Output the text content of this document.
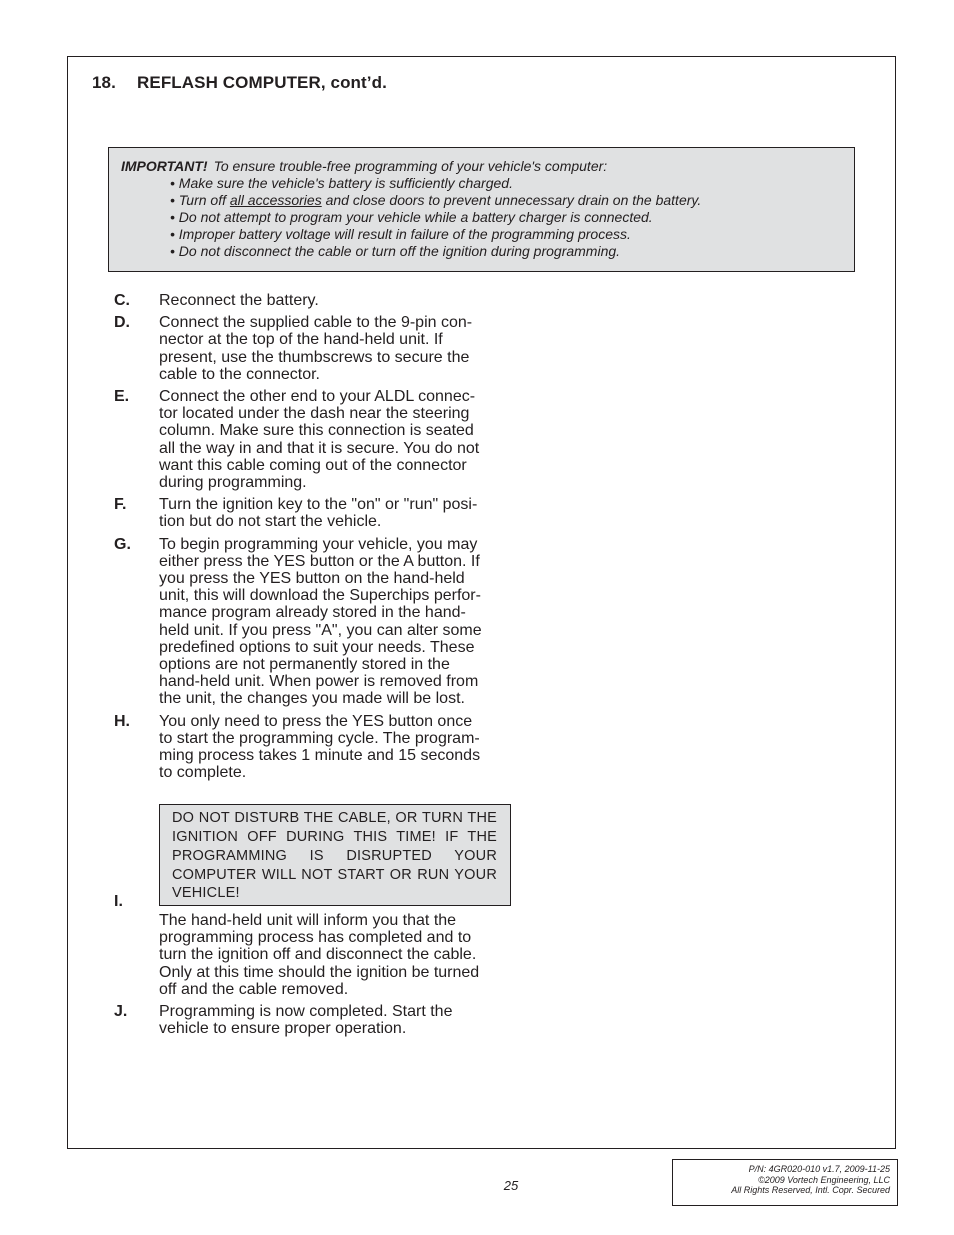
18. REFLASH COMPUTER, cont’d.
IMPORTANT! To ensure trouble-free programming of your vehicle's computer:
• Make sure the vehicle's battery is sufficiently charged.
• Turn off all accessories and close doors to prevent unnecessary drain on the battery.
• Do not attempt to program your vehicle while a battery charger is connected.
• Improper battery voltage will result in failure of the programming process.
• Do not disconnect the cable or turn off the ignition during programming.
C.	Reconnect the battery.
D.	Connect the supplied cable to the 9-pin con-
nector at the top of the hand-held unit. If
present, use the thumbscrews to secure the
cable to the connector.
E.	Connect the other end to your ALDL connec-
tor located under the dash near the steering
column. Make sure this connection is seated
all the way in and that it is secure. You do not
want this cable coming out of the connector
during programming.
F.	Turn the ignition key to the "on" or "run" posi-
tion but do not start the vehicle.
G.	To begin programming your vehicle, you may
either press the YES button or the A button. If
you press the YES button on the hand-held
unit, this will download the Superchips perfor-
mance program already stored in the hand-
held unit. If you press "A", you can alter some
predefined options to suit your needs. These
options are not permanently stored in the
hand-held unit. When power is removed from
the unit, the changes you made will be lost.
H.	You only need to press the YES button once
to start the programming cycle. The program-
ming process takes 1 minute and 15 seconds
to complete.
I.
DO NOT DISTURB THE CABLE, OR TURN THE IGNITION OFF DURING THIS TIME! IF THE PROGRAMMING IS DISRUPTED YOUR COMPUTER WILL NOT START OR RUN YOUR VEHICLE!
The hand-held unit will inform you that the
programming process has completed and to
turn the ignition off and disconnect the cable.
Only at this time should the ignition be turned
off and the cable removed.
J.	Programming is now completed. Start the
vehicle to ensure proper operation.
25
P/N: 4GR020-010 v1.7, 2009-11-25
©2009 Vortech Engineering, LLC
All Rights Reserved, Intl. Copr. Secured
